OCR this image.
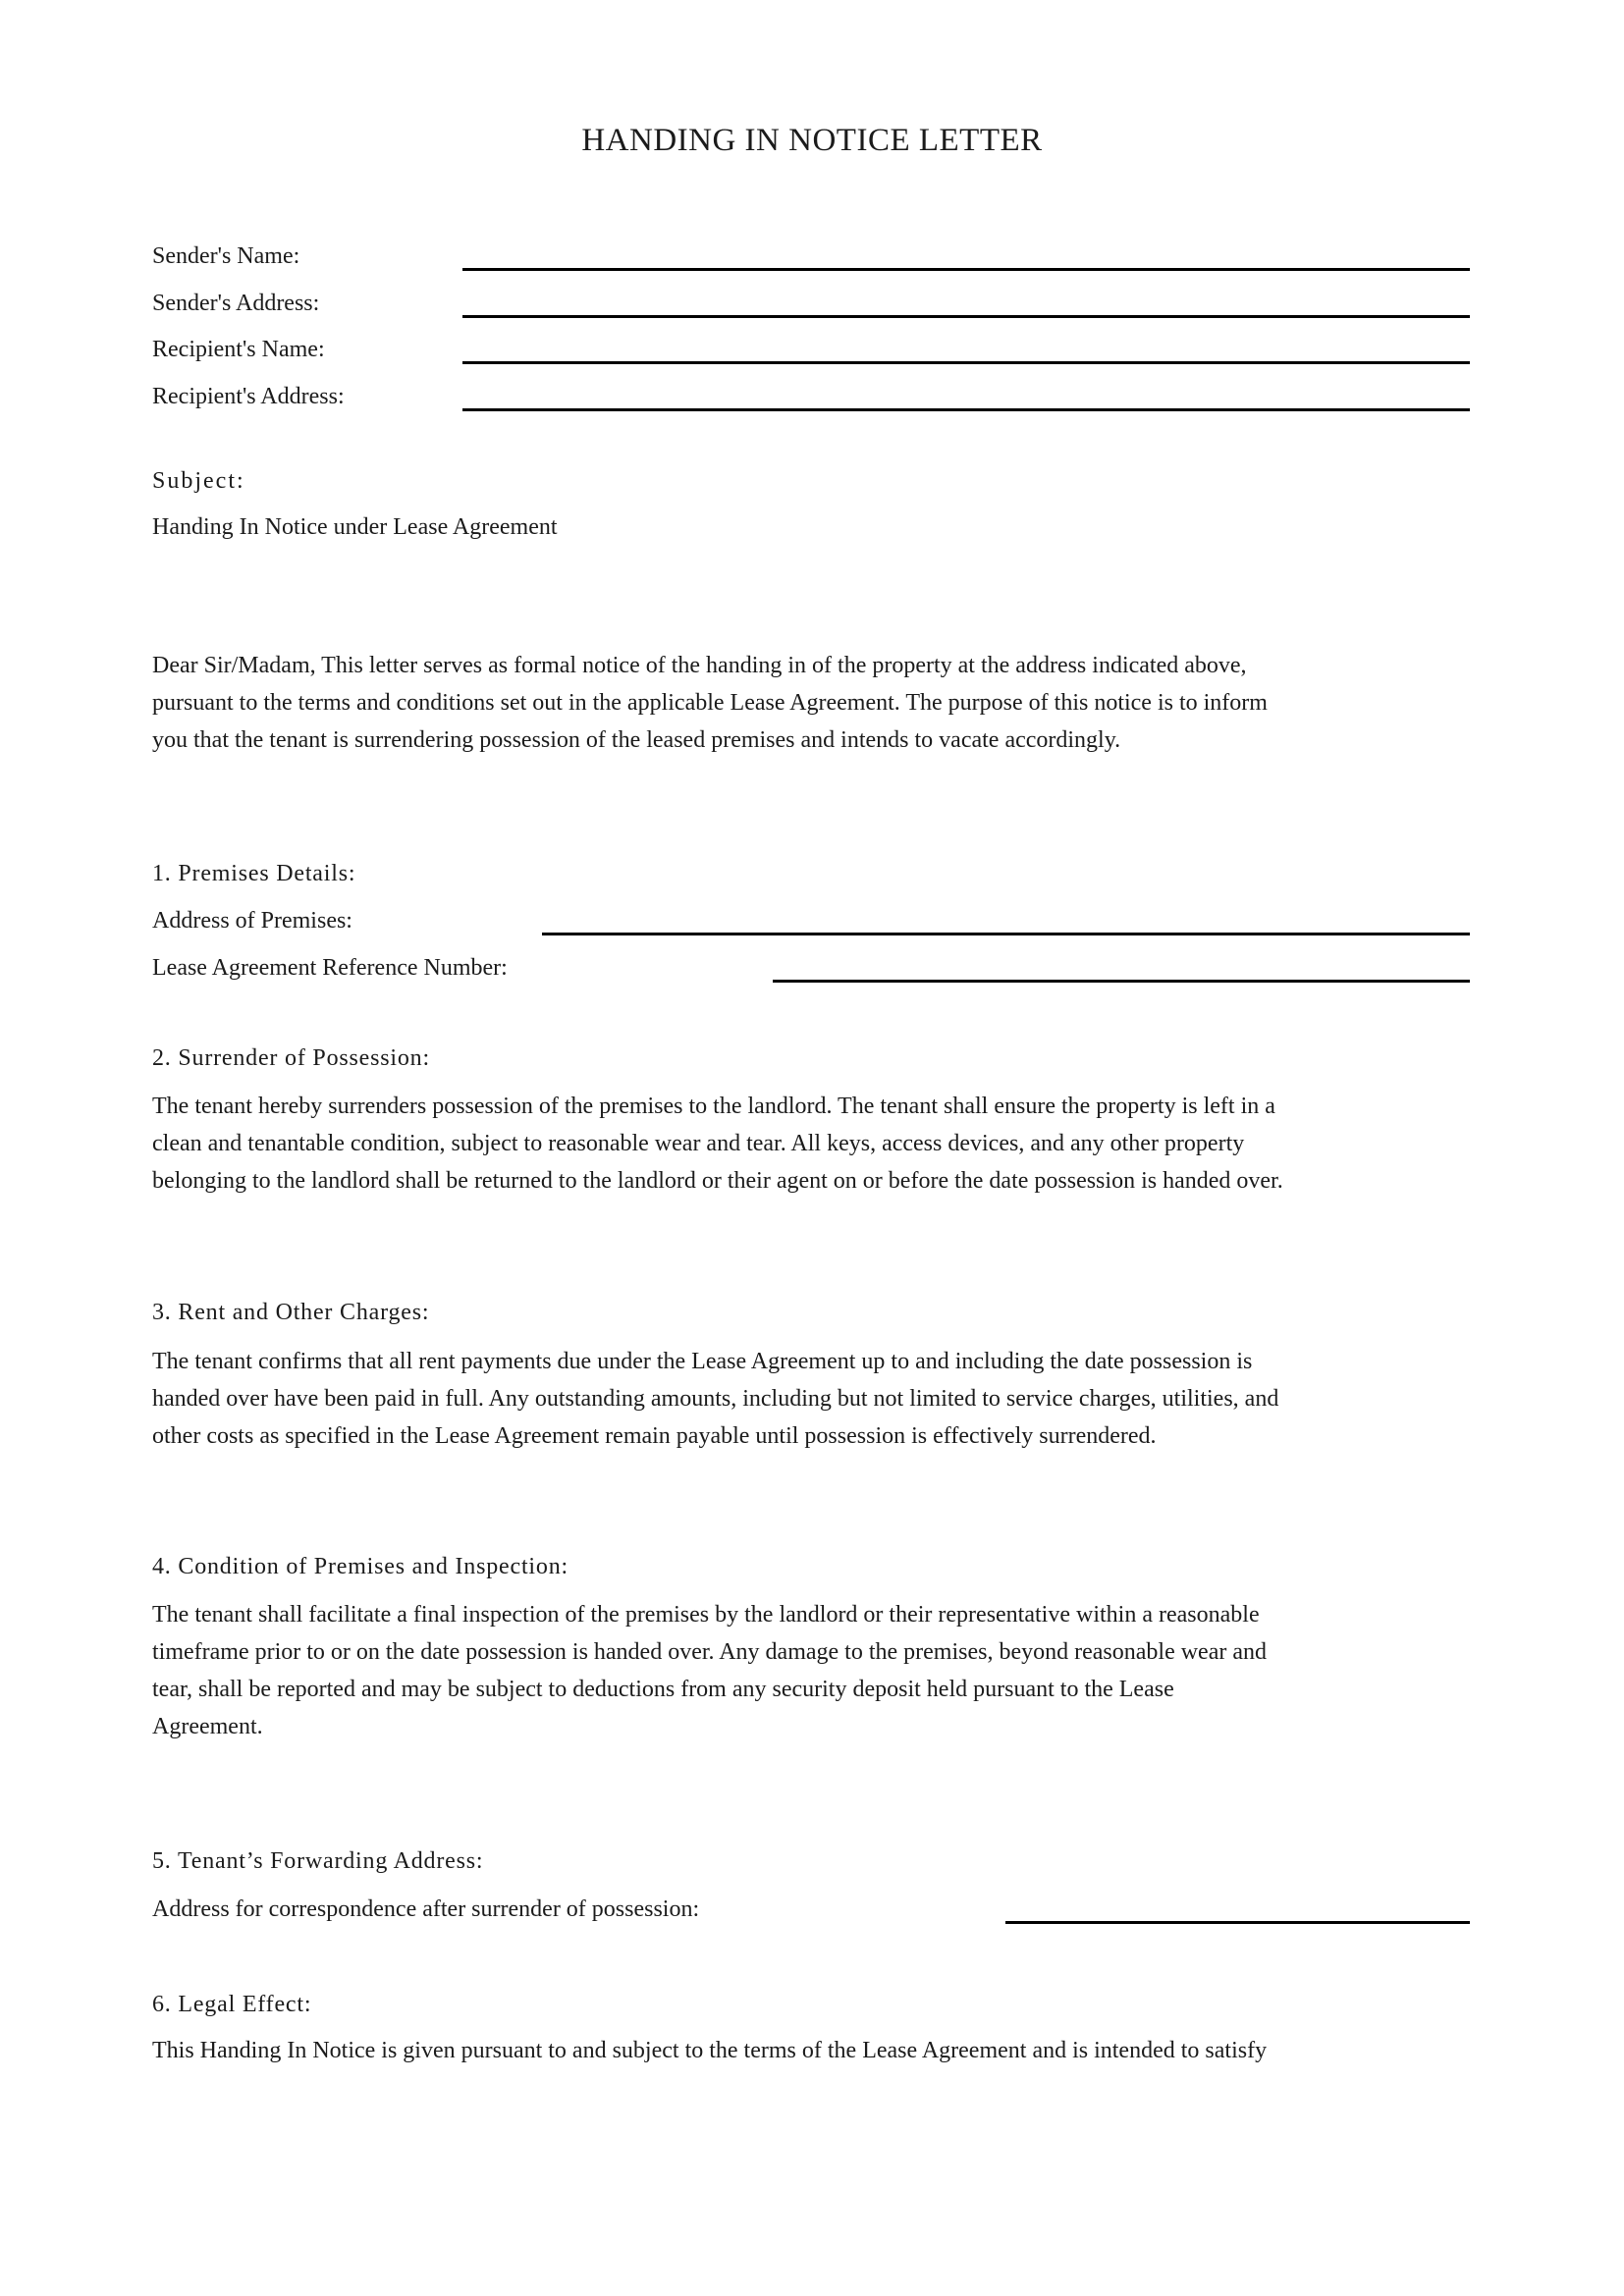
HANDING IN NOTICE LETTER
Sender's Name:
Sender's Address:
Recipient's Name:
Recipient's Address:
Subject:
Handing In Notice under Lease Agreement
Dear Sir/Madam, This letter serves as formal notice of the handing in of the property at the address indicated above,
pursuant to the terms and conditions set out in the applicable Lease Agreement. The purpose of this notice is to inform
you that the tenant is surrendering possession of the leased premises and intends to vacate accordingly.
1. Premises Details:
Address of Premises:
Lease Agreement Reference Number:
2. Surrender of Possession:
The tenant hereby surrenders possession of the premises to the landlord. The tenant shall ensure the property is left in a
clean and tenantable condition, subject to reasonable wear and tear. All keys, access devices, and any other property
belonging to the landlord shall be returned to the landlord or their agent on or before the date possession is handed over.
3. Rent and Other Charges:
The tenant confirms that all rent payments due under the Lease Agreement up to and including the date possession is
handed over have been paid in full. Any outstanding amounts, including but not limited to service charges, utilities, and
other costs as specified in the Lease Agreement remain payable until possession is effectively surrendered.
4. Condition of Premises and Inspection:
The tenant shall facilitate a final inspection of the premises by the landlord or their representative within a reasonable
timeframe prior to or on the date possession is handed over. Any damage to the premises, beyond reasonable wear and
tear, shall be reported and may be subject to deductions from any security deposit held pursuant to the Lease
Agreement.
5. Tenant’s Forwarding Address:
Address for correspondence after surrender of possession:
6. Legal Effect:
This Handing In Notice is given pursuant to and subject to the terms of the Lease Agreement and is intended to satisfy
